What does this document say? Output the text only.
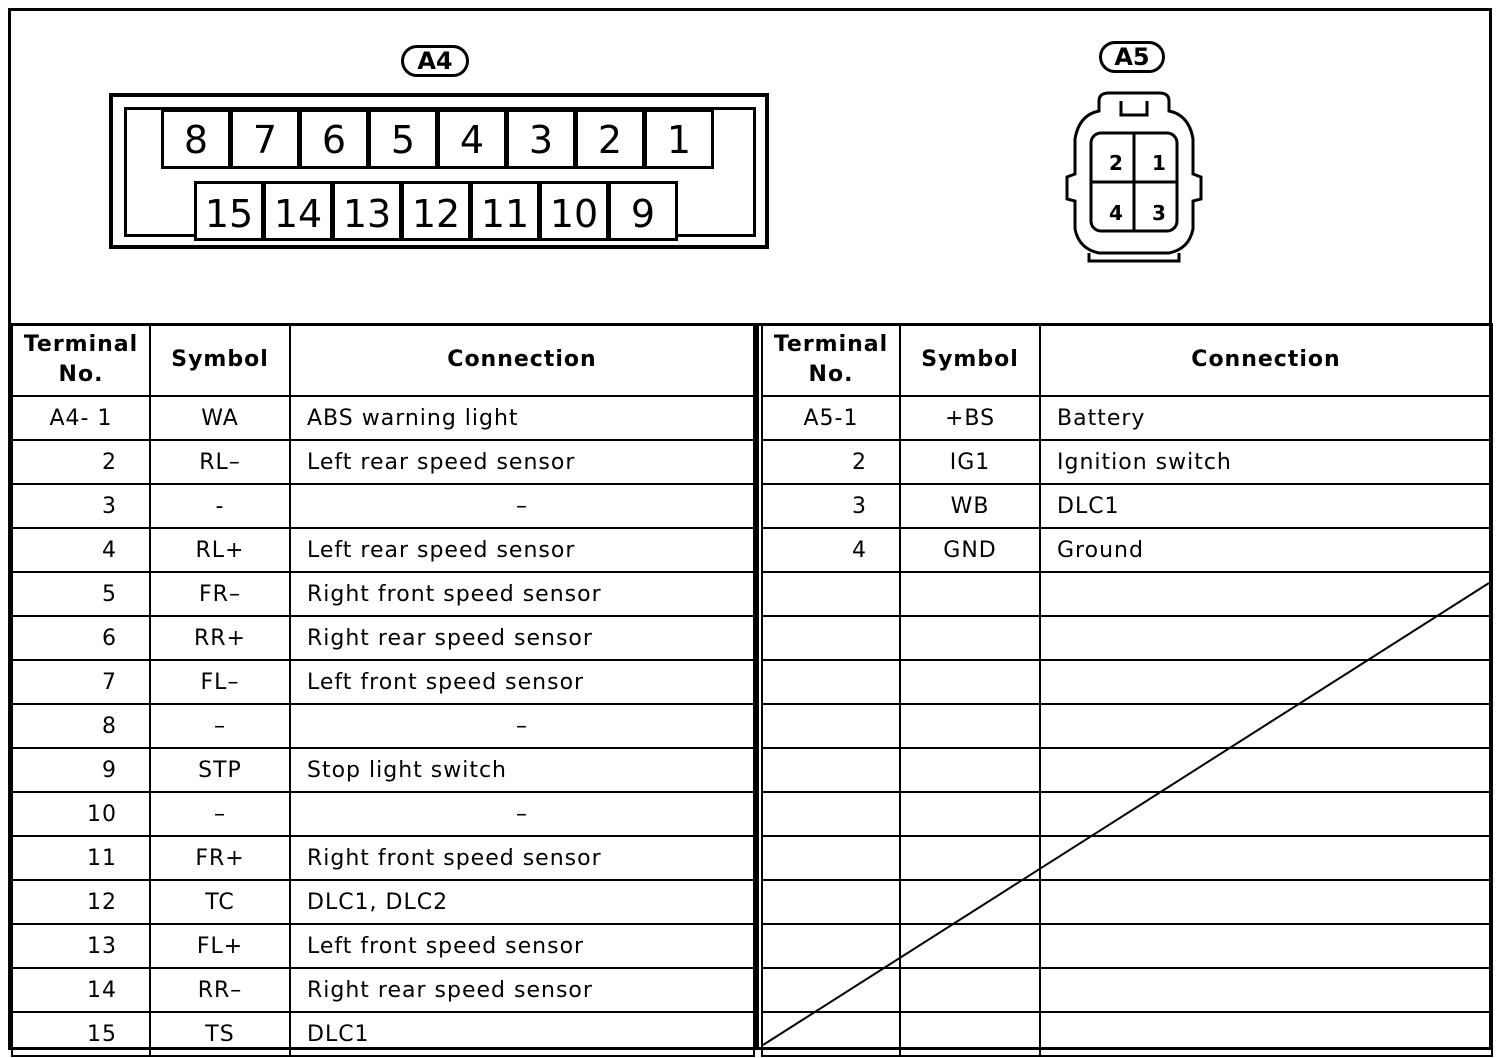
A4
8	7	6	5	4	3	2	1
15 14 13 12 11 10 9
A5
2	1
4	3
Terminal No.	Symbol	Connection
A4- 1	WA	ABS warning light
2	RL–	Left rear speed sensor
3	-	–
4	RL+	Left rear speed sensor
5	FR–	Right front speed sensor
6	RR+	Right rear speed sensor
7	FL–	Left front speed sensor
8	–	–
9	STP	Stop light switch
10	–	–
11	FR+	Right front speed sensor
12	TC	DLC1, DLC2
13	FL+	Left front speed sensor
14	RR–	Right rear speed sensor
15	TS	DLC1
Terminal No.	Symbol	Connection
A5-1	+BS	Battery
2	IG1	Ignition switch
3	WB	DLC1
4	GND	Ground
